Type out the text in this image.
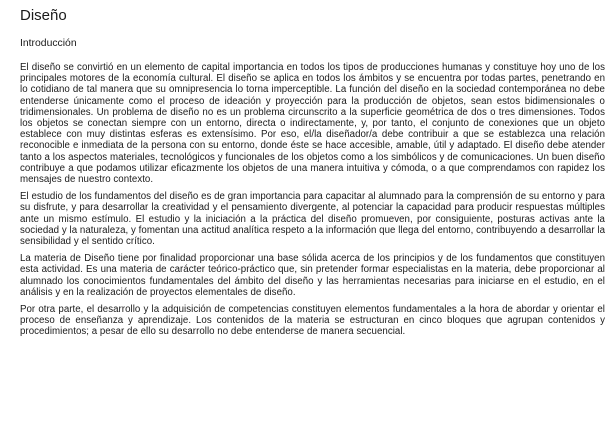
Diseño
Introducción

El diseño se convirtió en un elemento de capital importancia en todos los tipos de producciones humanas y constituye hoy uno de los principales motores de la economía cultural. El diseño se aplica en todos los ámbitos y se encuentra por todas partes, penetrando en lo cotidiano de tal manera que su omnipresencia lo torna imperceptible. La función del diseño en la sociedad contemporánea no debe entenderse únicamente como el proceso de ideación y proyección para la producción de objetos, sean estos bidimensionales o tridimensionales. Un problema de diseño no es un problema circunscrito a la superficie geométrica de dos o tres dimensiones. Todos los objetos se conectan siempre con un entorno, directa o indirectamente, y, por tanto, el conjunto de conexiones que un objeto establece con muy distintas esferas es extensísimo. Por eso, el/la diseñador/a debe contribuir a que se establezca una relación reconocible e inmediata de la persona con su entorno, donde éste se hace accesible, amable, útil y adaptado. El diseño debe atender tanto a los aspectos materiales, tecnológicos y funcionales de los objetos como a los simbólicos y de comunicaciones. Un buen diseño contribuye a que podamos utilizar eficazmente los objetos de una manera intuitiva y cómoda, o a que comprendamos con rapidez los mensajes de nuestro contexto.

El estudio de los fundamentos del diseño es de gran importancia para capacitar al alumnado para la comprensión de su entorno y para su disfrute, y para desarrollar la creatividad y el pensamiento divergente, al potenciar la capacidad para producir respuestas múltiples ante un mismo estímulo. El estudio y la iniciación a la práctica del diseño promueven, por consiguiente, posturas activas ante la sociedad y la naturaleza, y fomentan una actitud analítica respeto a la información que llega del entorno, contribuyendo a desarrollar la sensibilidad y el sentido crítico.

La materia de Diseño tiene por finalidad proporcionar una base sólida acerca de los principios y de los fundamentos que constituyen esta actividad. Es una materia de carácter teórico-práctico que, sin pretender formar especialistas en la materia, debe proporcionar al alumnado los conocimientos fundamentales del ámbito del diseño y las herramientas necesarias para iniciarse en el estudio, en el análisis y en la realización de proyectos elementales de diseño.

Por otra parte, el desarrollo y la adquisición de competencias constituyen elementos fundamentales a la hora de abordar y orientar el proceso de enseñanza y aprendizaje. Los contenidos de la materia se estructuran en cinco bloques que agrupan contenidos y procedimientos; a pesar de ello su desarrollo no debe entenderse de manera secuencial.
